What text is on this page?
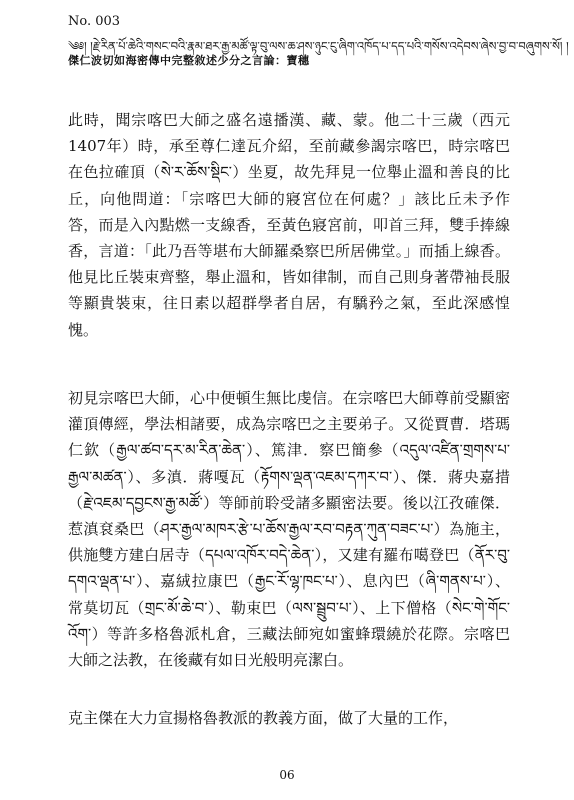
No. 003
༄༅། །རྗེ་རིན་པོ་ཆེའི་གསང་བའི་རྣམ་ཐར་རྒྱ་མཚོ་ལྟ་བུ་ལས་ཆ་ཤས་ཉུང་ངུ་ཞིག་འཁོད་པ་དད་པའི་གསོས་འདེབས་ཞེས་བྱ་བ་བཞུགས་སོ། །
傑仁波切如海密傳中完整敘述少分之言論：寶穗

此時，聞宗喀巴大師之盛名遠播漢、藏、蒙。他二十三歲（西元1407年）時，承至尊仁達瓦介紹，至前藏參謁宗喀巴，時宗喀巴在色拉確頂（སེ་ར་ཆོས་སྡིང་）坐夏，故先拜見一位舉止溫和善良的比丘，向他問道：「宗喀巴大師的寢宮位在何處？」該比丘未予作答，而是入內點燃一支線香，至黃色寢宮前，叩首三拜，雙手捧線香，言道：「此乃吾等堪布大師羅桑察巴所居佛堂。」而插上線香。他見比丘裝束齊整，舉止溫和，皆如律制，而自己則身著帶袖長服等顯貴裝束，往日素以超群學者自居，有驕矜之氣，至此深感惶愧。

初見宗喀巴大師，心中便頓生無比虔信。在宗喀巴大師尊前受顯密灌頂傳經，學法相諸要，成為宗喀巴之主要弟子。又從賈曹．塔瑪仁欽（རྒྱལ་ཚབ་དར་མ་རིན་ཆེན་）、篤津．察巴簡參（འདུལ་འཛིན་གྲགས་པ་རྒྱལ་མཚན་）、多滇．蔣嘎瓦（རྟོགས་ལྡན་འཇམ་དཀར་བ་）、傑．蔣央嘉措（རྗེ་འཇམ་དབྱངས་རྒྱ་མཚོ་）等師前聆受諸多顯密法要。後以江孜確傑．惹滇袞桑巴（ཤར་རྒྱལ་མཁར་རྩེ་པ་ཆོས་རྒྱལ་རབ་བརྟན་ཀུན་བཟང་པ་）為施主，供施雙方建白居寺（དཔལ་འཁོར་བདེ་ཆེན་），又建有羅布噶登巴（ནོར་བུ་དགའ་ལྡན་པ་）、嘉絨拉康巴（རྒྱང་རོ་ལྷ་ཁང་པ་）、息內巴（ཞི་གནས་པ་）、常莫切瓦（གྲང་མོ་ཆེ་བ་）、勒束巴（ལས་སྦྲུབ་པ་）、上下僧格（སེང་གེ་གོང་འོག་）等許多格魯派札倉，三藏法師宛如蜜蜂環繞於花際。宗喀巴大師之法教，在後藏有如日光般明亮潔白。

克主傑在大力宣揚格魯教派的教義方面，做了大量的工作，

06
